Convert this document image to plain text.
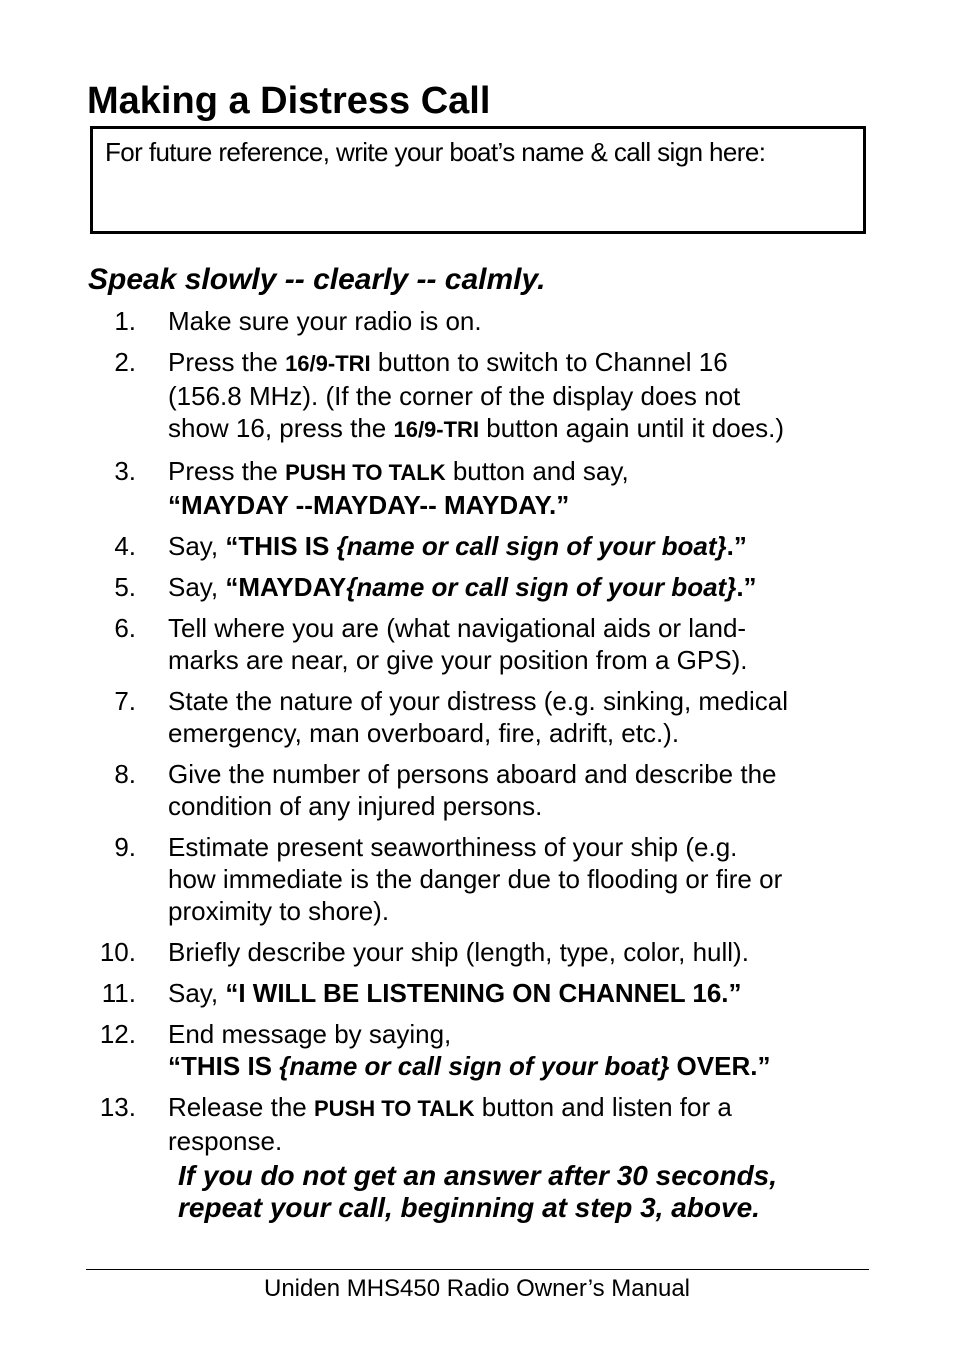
Making a Distress Call
For future reference, write your boat’s name & call sign here:
Speak slowly -- clearly -- calmly.
1. Make sure your radio is on.
2. Press the 16/9-TRI button to switch to Channel 16
(156.8 MHz). (If the corner of the display does not
show 16, press the 16/9-TRI button again until it does.)
3. Press the PUSH TO TALK button and say,
“MAYDAY --MAYDAY-- MAYDAY.”
4. Say, “THIS IS {name or call sign of your boat}.”
5. Say, “MAYDAY{name or call sign of your boat}.”
6. Tell where you are (what navigational aids or land-
marks are near, or give your position from a GPS).
7. State the nature of your distress (e.g. sinking, medical
emergency, man overboard, fire, adrift, etc.).
8. Give the number of persons aboard and describe the
condition of any injured persons.
9. Estimate present seaworthiness of your ship (e.g.
how immediate is the danger due to flooding or fire or
proximity to shore).
10. Briefly describe your ship (length, type, color, hull).
11. Say, “I WILL BE LISTENING ON CHANNEL 16.”
12. End message by saying,
“THIS IS {name or call sign of your boat} OVER.”
13. Release the PUSH TO TALK button and listen for a
response.
If you do not get an answer after 30 seconds,
repeat your call, beginning at step 3, above.
Uniden MHS450 Radio Owner’s Manual
